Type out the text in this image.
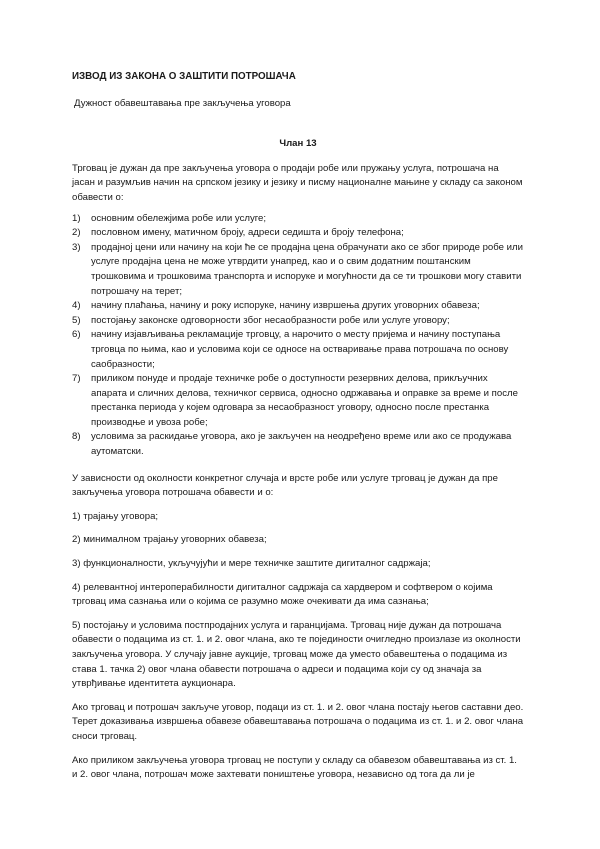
ИЗВОД ИЗ ЗАКОНА О ЗАШТИТИ ПОТРОШАЧА
Дужност обавештавања пре закључења уговора
Члан 13

Трговац је дужан да пре закључења уговора о продаји робе или пружању услуга, потрошача на јасан и разумљив начин на српском језику и језику и писму националне мањине у складу са законом обавести о:

1) основним обележјима робе или услуге;
2) пословном имену, матичном броју, адреси седишта и броју телефона;
3) продајној цени или начину на који ће се продајна цена обрачунати ако се због природе робе или услуге продајна цена не може утврдити унапред, као и о свим додатним поштанским трошковима и трошковима транспорта и испоруке и могућности да се ти трошкови могу ставити потрошачу на терет;
4) начину плаћања, начину и року испоруке, начину извршења других уговорних обавеза;
5) постојању законске одговорности због несаобразности робе или услуге уговору;
6) начину изјављивања рекламације трговцу, а нарочито о месту пријема и начину поступања трговца по њима, као и условима који се односе на остваривање права потрошача по основу саобразности;
7) приликом понуде и продаје техничке робе о доступности резервних делова, прикључних апарата и сличних делова, техничког сервиса, односно одржавања и оправке за време и после престанка периода у којем одговара за несаобразност уговору, односно после престанка производње и увоза робе;
8) условима за раскидање уговора, ако је закључен на неодређено време или ако се продужава аутоматски.

У зависности од околности конкретног случаја и врсте робе или услуге трговац је дужан да пре закључења уговора потрошача обавести и о:

1) трајању уговора;

2) минималном трајању уговорних обавеза;

3) функционалности, укључујући и мере техничке заштите дигиталног садржаја;

4) релевантној интероперабилности дигиталног садржаја са хардвером и софтвером о којима трговац има сазнања или о којима се разумно може очекивати да има сазнања;

5) постојању и условима постпродајних услуга и гаранцијама. Трговац није дужан да потрошача обавести о подацима из ст. 1. и 2. овог члана, ако те појединости очигледно произлазе из околности закључења уговора. У случају јавне аукције, трговац може да уместо обавештења о подацима из става 1. тачка 2) овог члана обавести потрошача о адреси и подацима који су од значаја за утврђивање идентитета аукционара.

Ако трговац и потрошач закључе уговор, подаци из ст. 1. и 2. овог члана постају његов саставни део. Терет доказивања извршења обавезе обавештавања потрошача о подацима из ст. 1. и 2. овог члана сноси трговац.

Ако приликом закључења уговора трговац не поступи у складу са обавезом обавештавања из ст. 1. и 2. овог члана, потрошач може захтевати поништење уговора, независно од тога да ли је
